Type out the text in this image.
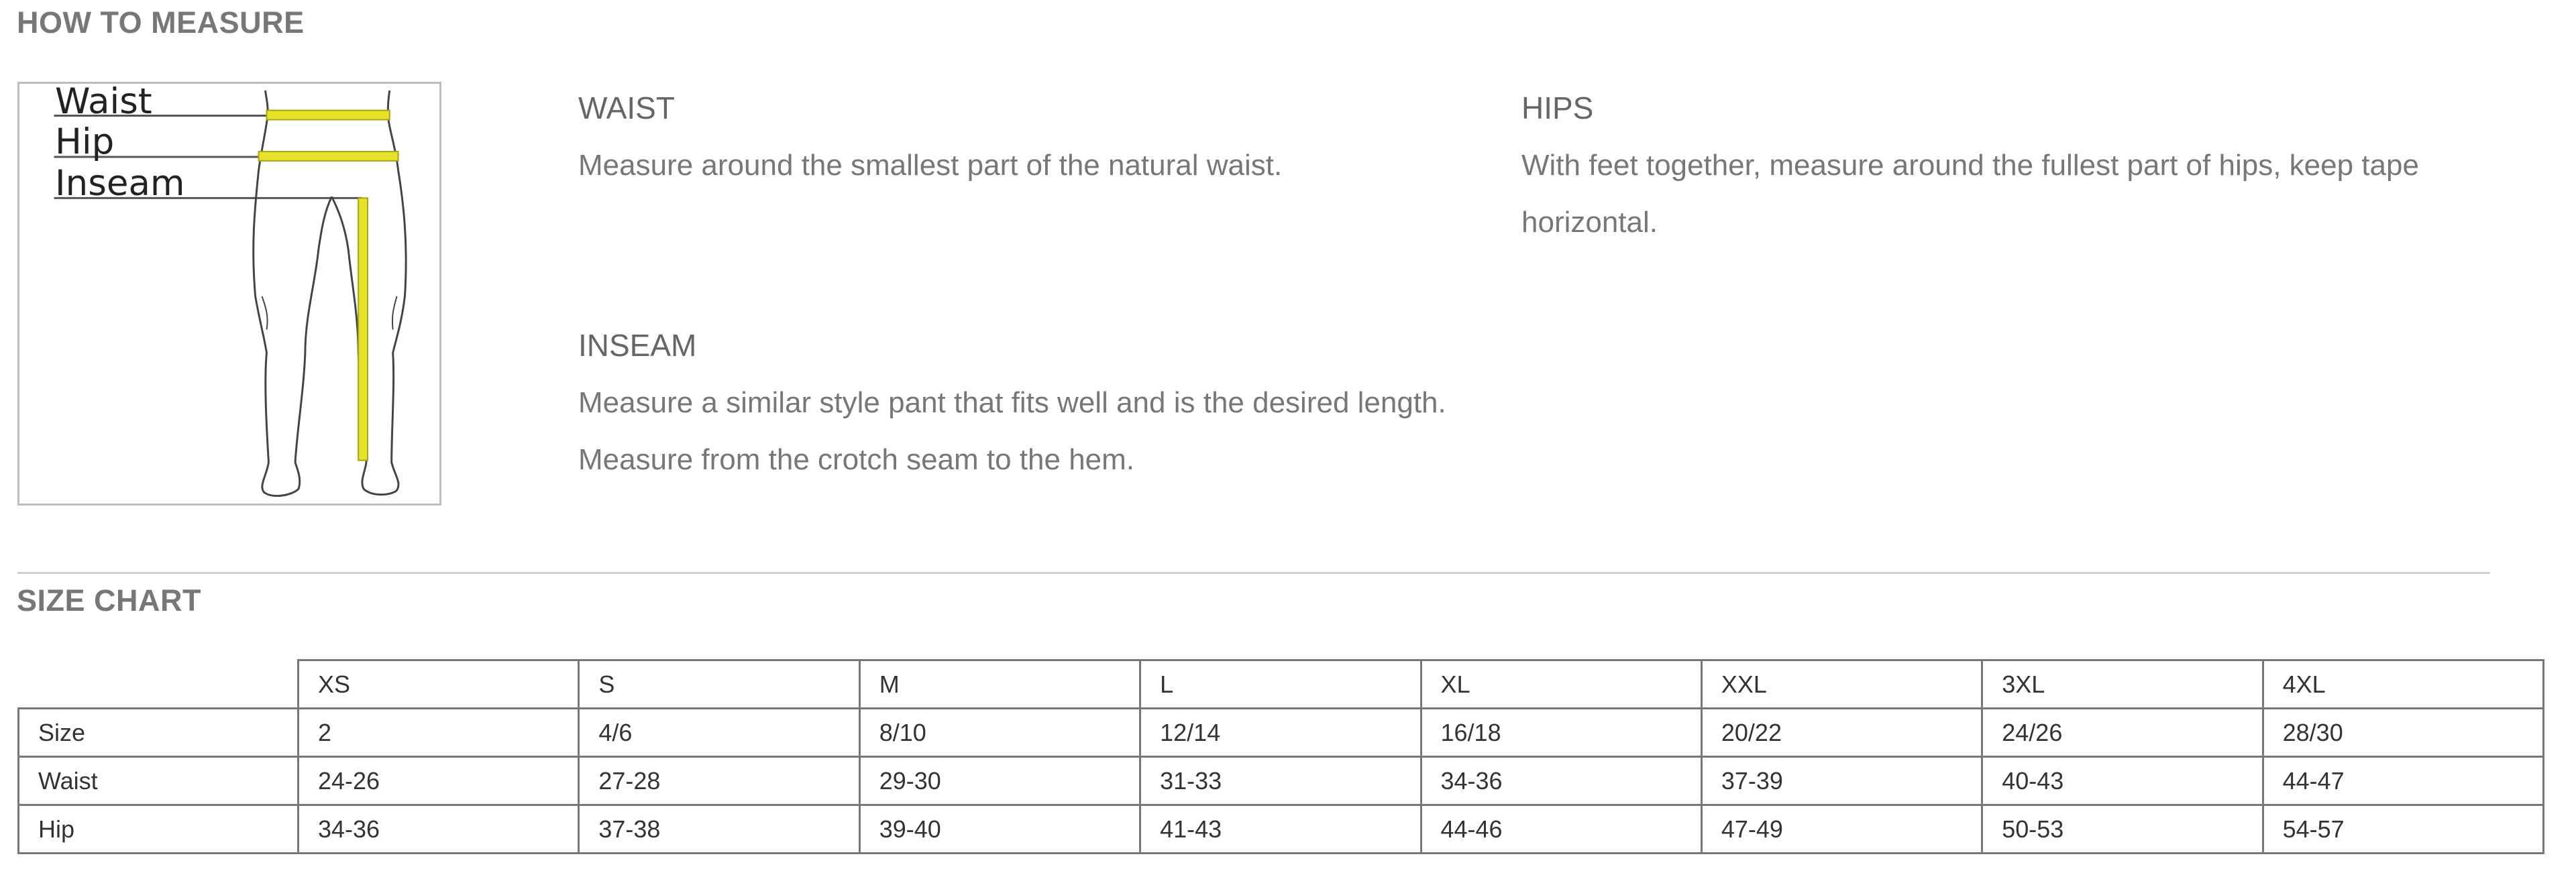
HOW TO MEASURE
Waist
Hip
Inseam
WAIST
Measure around the smallest part of the natural waist.
HIPS
With feet together, measure around the fullest part of hips, keep tape horizontal.
INSEAM
Measure a similar style pant that fits well and is the desired length. Measure from the crotch seam to the hem.
SIZE CHART
	XS	S	M	L	XL	XXL	3XL	4XL
Size	2	4/6	8/10	12/14	16/18	20/22	24/26	28/30
Waist	24-26	27-28	29-30	31-33	34-36	37-39	40-43	44-47
Hip	34-36	37-38	39-40	41-43	44-46	47-49	50-53	54-57
